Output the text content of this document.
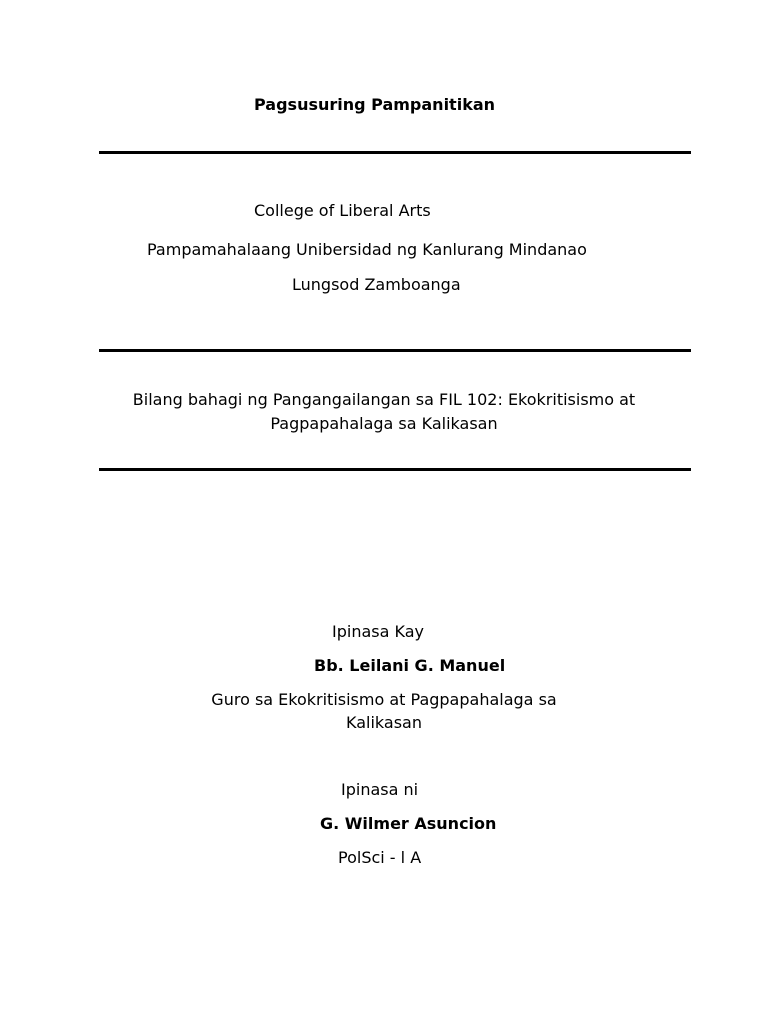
Pagsusuring Pampanitikan
College of Liberal Arts
Pampamahalaang Unibersidad ng Kanlurang Mindanao
Lungsod Zamboanga
Bilang bahagi ng Pangangailangan sa FIL 102: Ekokritisismo at
Pagpapahalaga sa Kalikasan
Ipinasa Kay
Bb. Leilani G. Manuel
Guro sa Ekokritisismo at Pagpapahalaga sa
Kalikasan
Ipinasa ni
G. Wilmer Asuncion
PolSci - l A
